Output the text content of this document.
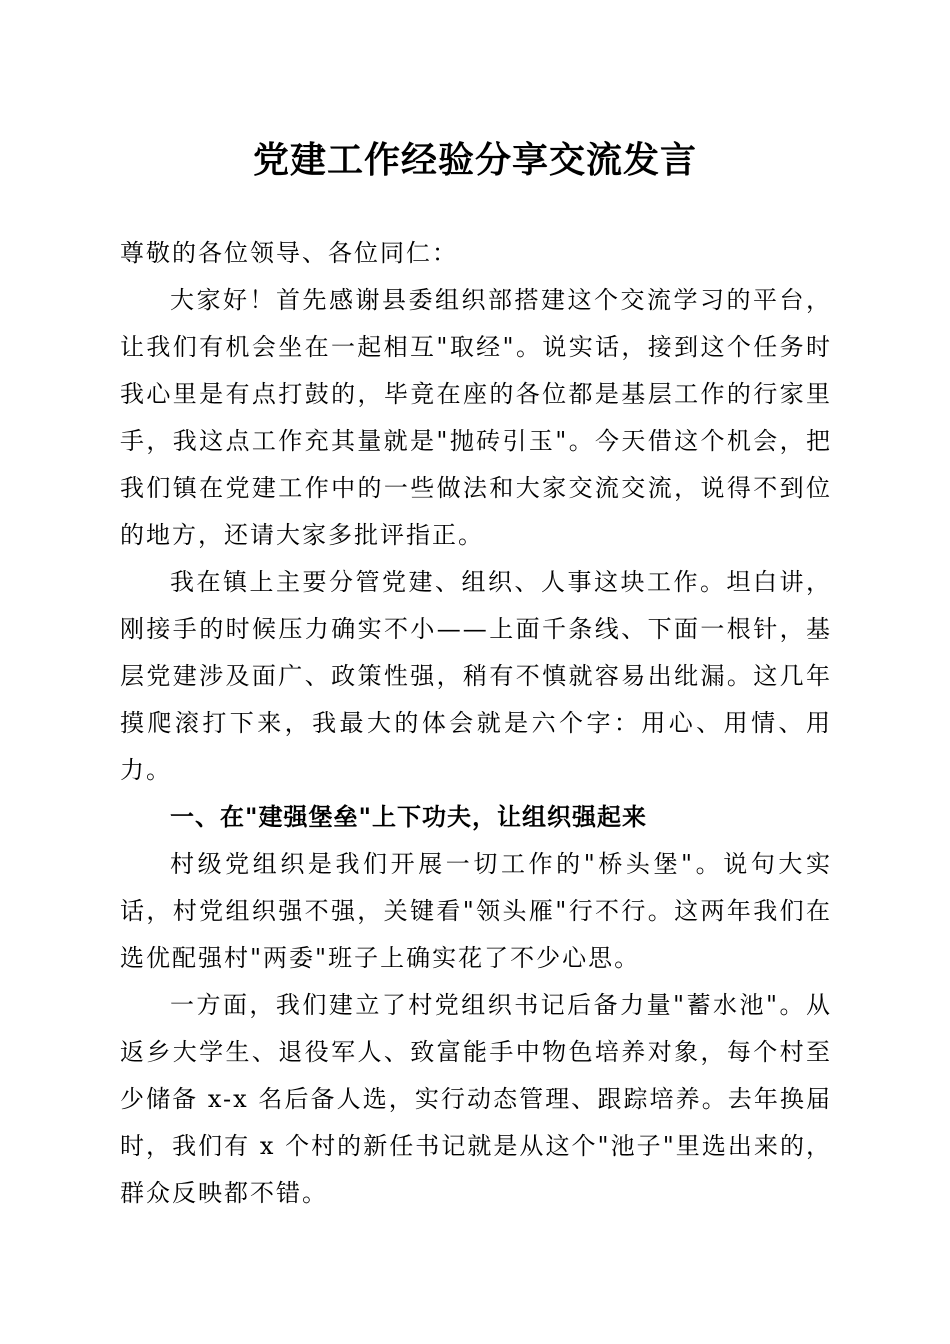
党建工作经验分享交流发言

尊敬的各位领导、各位同仁：

大家好！首先感谢县委组织部搭建这个交流学习的平台，让我们有机会坐在一起相互"取经"。说实话，接到这个任务时我心里是有点打鼓的，毕竟在座的各位都是基层工作的行家里手，我这点工作充其量就是"抛砖引玉"。今天借这个机会，把我们镇在党建工作中的一些做法和大家交流交流，说得不到位的地方，还请大家多批评指正。

我在镇上主要分管党建、组织、人事这块工作。坦白讲，刚接手的时候压力确实不小——上面千条线、下面一根针，基层党建涉及面广、政策性强，稍有不慎就容易出纰漏。这几年摸爬滚打下来，我最大的体会就是六个字：用心、用情、用力。

一、在"建强堡垒"上下功夫，让组织强起来

村级党组织是我们开展一切工作的"桥头堡"。说句大实话，村党组织强不强，关键看"领头雁"行不行。这两年我们在选优配强村"两委"班子上确实花了不少心思。

一方面，我们建立了村党组织书记后备力量"蓄水池"。从返乡大学生、退役军人、致富能手中物色培养对象，每个村至少储备 x-x 名后备人选，实行动态管理、跟踪培养。去年换届时，我们有 x 个村的新任书记就是从这个"池子"里选出来的，群众反映都不错。
